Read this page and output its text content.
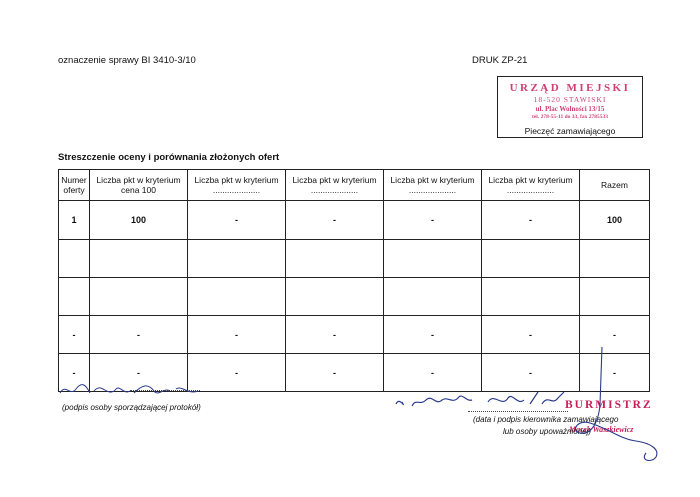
oznaczenie sprawy BI 3410-3/10	DRUK ZP-21
URZĄD MIEJSKI
18-520 STAWISKI
ul. Plac Wolności 13/15
tel. 278-55-11 do 33, fax 2785533
Pieczęć zamawiającego
Streszczenie oceny i porównania złożonych ofert
Numer oferty	Liczba pkt w kryterium cena 100	Liczba pkt w kryterium ....................	Liczba pkt w kryterium ....................	Liczba pkt w kryterium ....................	Liczba pkt w kryterium ....................	Razem
1	100	-	-	-	-	100

-	-	-	-	-	-	-
-	-	-	-	-	-	-
(podpis osoby sporządzającej protokół)	BURMISTRZ
Marek Waszkiewicz
(data i podpis kierownika zamawiającego
lub osoby upoważnionej)
